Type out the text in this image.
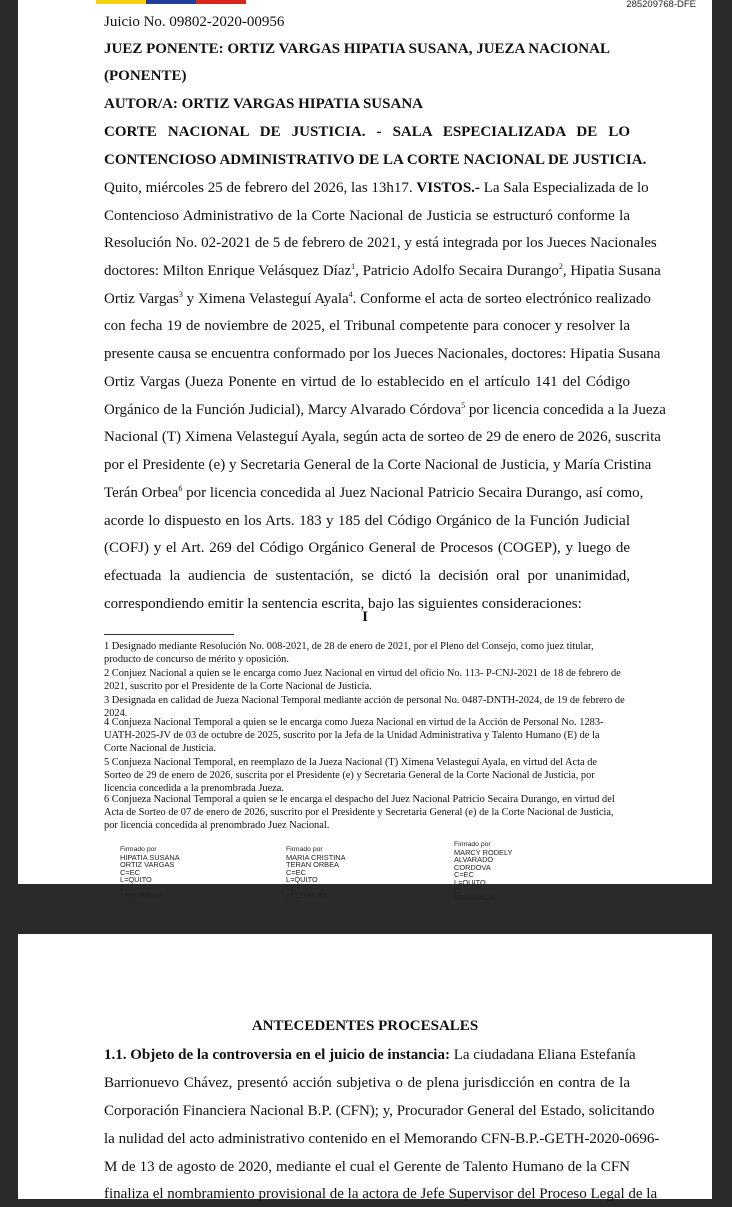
285209768-DFE
Juicio No. 09802-2020-00956
JUEZ PONENTE: ORTIZ VARGAS HIPATIA SUSANA, JUEZA NACIONAL
(PONENTE)
AUTOR/A: ORTIZ VARGAS HIPATIA SUSANA
CORTE NACIONAL DE JUSTICIA. - SALA ESPECIALIZADA DE LO
CONTENCIOSO ADMINISTRATIVO DE LA CORTE NACIONAL DE JUSTICIA.
Quito, miércoles 25 de febrero del 2026, las 13h17. VISTOS.- La Sala Especializada de lo
Contencioso Administrativo de la Corte Nacional de Justicia se estructuró conforme la
Resolución No. 02-2021 de 5 de febrero de 2021, y está integrada por los Jueces Nacionales
doctores: Milton Enrique Velásquez Díaz$^1$, Patricio Adolfo Secaira Durango$^2$, Hipatia Susana
Ortiz Vargas$^3$ y Ximena Velasteguí Ayala$^4$. Conforme el acta de sorteo electrónico realizado
con fecha 19 de noviembre de 2025, el Tribunal competente para conocer y resolver la
presente causa se encuentra conformado por los Jueces Nacionales, doctores: Hipatia Susana
Ortiz Vargas (Jueza Ponente en virtud de lo establecido en el artículo 141 del Código
Orgánico de la Función Judicial), Marcy Alvarado Córdova$^5$ por licencia concedida a la Jueza
Nacional (T) Ximena Velasteguí Ayala, según acta de sorteo de 29 de enero de 2026, suscrita
por el Presidente (e) y Secretaria General de la Corte Nacional de Justicia, y María Cristina
Terán Orbea$^6$ por licencia concedida al Juez Nacional Patricio Secaira Durango, así como,
acorde lo dispuesto en los Arts. 183 y 185 del Código Orgánico de la Función Judicial
(COFJ) y el Art. 269 del Código Orgánico General de Procesos (COGEP), y luego de
efectuada la audiencia de sustentación, se dictó la decisión oral por unanimidad,
correspondiendo emitir la sentencia escrita, bajo las siguientes consideraciones:
I
1 Designado mediante Resolución No. 008-2021, de 28 de enero de 2021, por el Pleno del Consejo, como juez titular,
producto de concurso de mérito y oposición.
2 Conjuez Nacional a quien se le encarga como Juez Nacional en virtud del oficio No. 113- P-CNJ-2021 de 18 de febrero de
2021, suscrito por el Presidente de la Corte Nacional de Justicia.
3 Designada en calidad de Jueza Nacional Temporal mediante acción de personal No. 0487-DNTH-2024, de 19 de febrero de
2024.
4 Conjueza Nacional Temporal a quien se le encarga como Jueza Nacional en virtud de la Acción de Personal No. 1283-
UATH-2025-JV de 03 de octubre de 2025, suscrito por la Jefa de la Unidad Administrativa y Talento Humano (E) de la
Corte Nacional de Justicia.
5 Conjueza Nacional Temporal, en reemplazo de la Jueza Nacional (T) Ximena Velasteguí Ayala, en virtud del Acta de
Sorteo de 29 de enero de 2026, suscrita por el Presidente (e) y Secretaria General de la Corte Nacional de Justicia, por
licencia concedida a la prenombrada Jueza.
6 Conjueza Nacional Temporal a quien se le encarga el despacho del Juez Nacional Patricio Secaira Durango, en virtud del
Acta de Sorteo de 07 de enero de 2026, suscrito por el Presidente y Secretaria General (e) de la Corte Nacional de Justicia,
por licencia concedida al prenombrado Juez Nacional.
Firmado por
HIPATIA SUSANA
ORTIZ VARGAS
C=EC
L=QUITO
CI
1709088569
Firmado por
MARIA CRISTINA
TERAN ORBEA
C=EC
L=QUITO
CI
1712154283
Firmado por
MARCY RODELY
ALVARADO
CORDOVA
C=EC
L=QUITO
CI
0702884826
ANTECEDENTES PROCESALES
1.1. Objeto de la controversia en el juicio de instancia: La ciudadana Eliana Estefanía
Barrionuevo Chávez, presentó acción subjetiva o de plena jurisdicción en contra de la
Corporación Financiera Nacional B.P. (CFN); y, Procurador General del Estado, solicitando
la nulidad del acto administrativo contenido en el Memorando CFN-B.P.-GETH-2020-0696-
M de 13 de agosto de 2020, mediante el cual el Gerente de Talento Humano de la CFN
finaliza el nombramiento provisional de la actora de Jefe Supervisor del Proceso Legal de la
